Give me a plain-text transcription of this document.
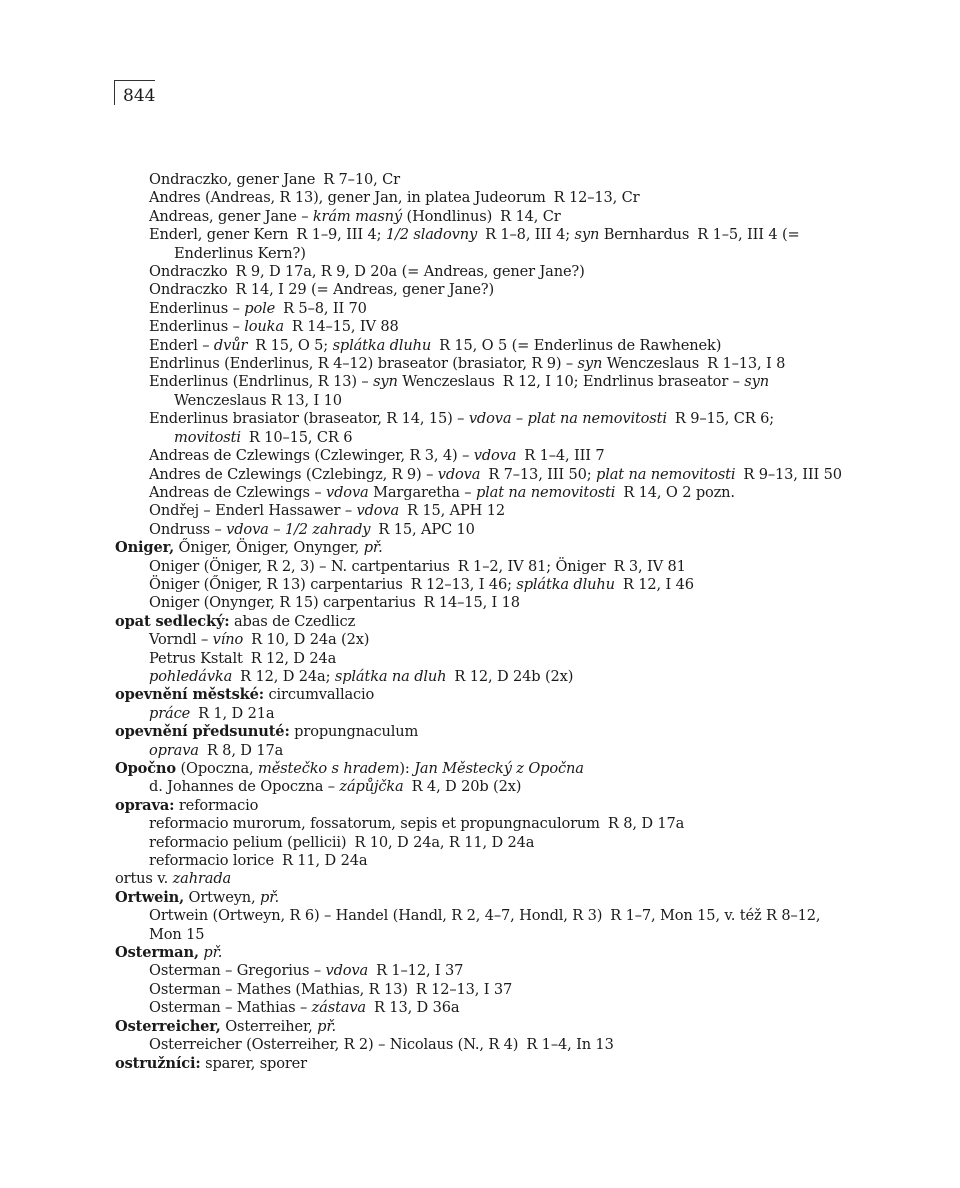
844
Ondraczko, gener Jane R 7–10, Cr
Andres (Andreas, R 13), gener Jan, in platea Judeorum R 12–13, Cr
Andreas, gener Jane – krám masný (Hondlinus) R 14, Cr
Enderl, gener Kern R 1–9, III 4; 1/2 sladovny R 1–8, III 4; syn Bernhardus R 1–5, III 4 (= Enderlinus Kern?)
Ondraczko R 9, D 17a, R 9, D 20a (= Andreas, gener Jane?)
Ondraczko R 14, I 29 (= Andreas, gener Jane?)
Enderlinus – pole R 5–8, II 70
Enderlinus – louka R 14–15, IV 88
Enderl – dvůr R 15, O 5; splátka dluhu R 15, O 5 (= Enderlinus de Rawhenek)
Endrlinus (Enderlinus, R 4–12) braseator (brasiator, R 9) – syn Wenczeslaus R 1–13, I 8
Enderlinus (Endrlinus, R 13) – syn Wenczeslaus R 12, I 10; Endrlinus braseator – syn Wenczeslaus R 13, I 10
Enderlinus brasiator (braseator, R 14, 15) – vdova – plat na nemovitosti R 9–15, CR 6; movitosti R 10–15, CR 6
Andreas de Czlewings (Czlewinger, R 3, 4) – vdova R 1–4, III 7
Andres de Czlewings (Czlebingz, R 9) – vdova R 7–13, III 50; plat na nemovitosti R 9–13, III 50
Andreas de Czlewings – vdova Margaretha – plat na nemovitosti R 14, O 2 pozn.
Ondřej – Enderl Hassawer – vdova R 15, APH 12
Ondruss – vdova – 1/2 zahrady R 15, APC 10
Oniger, Őniger, Öniger, Onynger, př.
Oniger (Öniger, R 2, 3) – N. cartpentarius R 1–2, IV 81; Öniger R 3, IV 81
Öniger (Őniger, R 13) carpentarius R 12–13, I 46; splátka dluhu R 12, I 46
Oniger (Onynger, R 15) carpentarius R 14–15, I 18
opat sedlecký: abas de Czedlicz
Vorndl – víno R 10, D 24a (2x)
Petrus Kstalt R 12, D 24a
pohledávka R 12, D 24a; splátka na dluh R 12, D 24b (2x)
opevnění městské: circumvallacio
práce R 1, D 21a
opevnění předsunuté: propungnaculum
oprava R 8, D 17a
Opočno (Opoczna, městečko s hradem): Jan Městecký z Opočna
d. Johannes de Opoczna – zápůjčka R 4, D 20b (2x)
oprava: reformacio
reformacio murorum, fossatorum, sepis et propungnaculorum R 8, D 17a
reformacio pelium (pellicii) R 10, D 24a, R 11, D 24a
reformacio lorice R 11, D 24a
ortus v. zahrada
Ortwein, Ortweyn, př.
Ortwein (Ortweyn, R 6) – Handel (Handl, R 2, 4–7, Hondl, R 3) R 1–7, Mon 15, v. též R 8–12, Mon 15
Osterman, př.
Osterman – Gregorius – vdova R 1–12, I 37
Osterman – Mathes (Mathias, R 13) R 12–13, I 37
Osterman – Mathias – zástava R 13, D 36a
Osterreicher, Osterreiher, př.
Osterreicher (Osterreiher, R 2) – Nicolaus (N., R 4) R 1–4, In 13
ostružníci: sparer, sporer
